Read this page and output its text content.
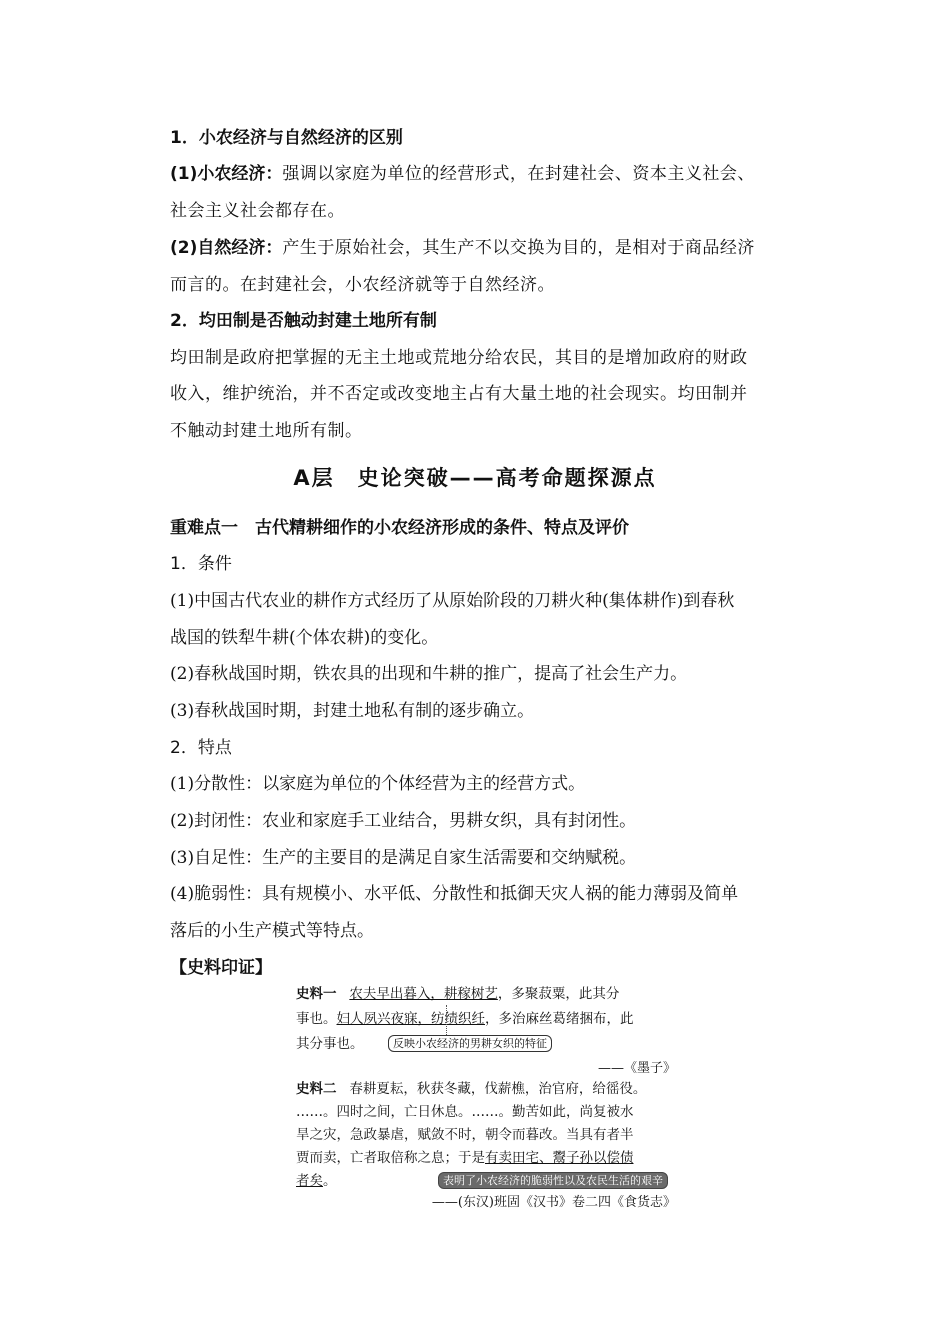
1．小农经济与自然经济的区别
(1)小农经济：强调以家庭为单位的经营形式，在封建社会、资本主义社会、
社会主义社会都存在。
(2)自然经济：产生于原始社会，其生产不以交换为目的，是相对于商品经济
而言的。在封建社会，小农经济就等于自然经济。
2．均田制是否触动封建土地所有制
均田制是政府把掌握的无主土地或荒地分给农民，其目的是增加政府的财政
收入，维护统治，并不否定或改变地主占有大量土地的社会现实。均田制并
不触动封建土地所有制。
A层　史论突破——高考命题探源点
重难点一　古代精耕细作的小农经济形成的条件、特点及评价
1．条件
(1)中国古代农业的耕作方式经历了从原始阶段的刀耕火种(集体耕作)到春秋
战国的铁犁牛耕(个体农耕)的变化。
(2)春秋战国时期，铁农具的出现和牛耕的推广，提高了社会生产力。
(3)春秋战国时期，封建土地私有制的逐步确立。
2．特点
(1)分散性：以家庭为单位的个体经营为主的经营方式。
(2)封闭性：农业和家庭手工业结合，男耕女织，具有封闭性。
(3)自足性：生产的主要目的是满足自家生活需要和交纳赋税。
(4)脆弱性：具有规模小、水平低、分散性和抵御天灾人祸的能力薄弱及简单
落后的小生产模式等特点。
【史料印证】
史料一 农夫早出暮入，耕稼树艺，多聚菽粟，此其分
事也。妇人夙兴夜寐，纺绩织纴，多治麻丝葛绪捆布，此
其分事也。	反映小农经济的男耕女织的特征
——《墨子》
史料二 春耕夏耘，秋获冬藏，伐薪樵，治官府，给徭役。
……。四时之间，亡日休息。……。勤苦如此，尚复被水
旱之灾，急政暴虐，赋敛不时，朝令而暮改。当具有者半
贾而卖，亡者取倍称之息；于是有卖田宅、鬻子孙以偿债
者矣。	表明了小农经济的脆弱性以及农民生活的艰辛
——(东汉)班固《汉书》卷二四《食货志》
